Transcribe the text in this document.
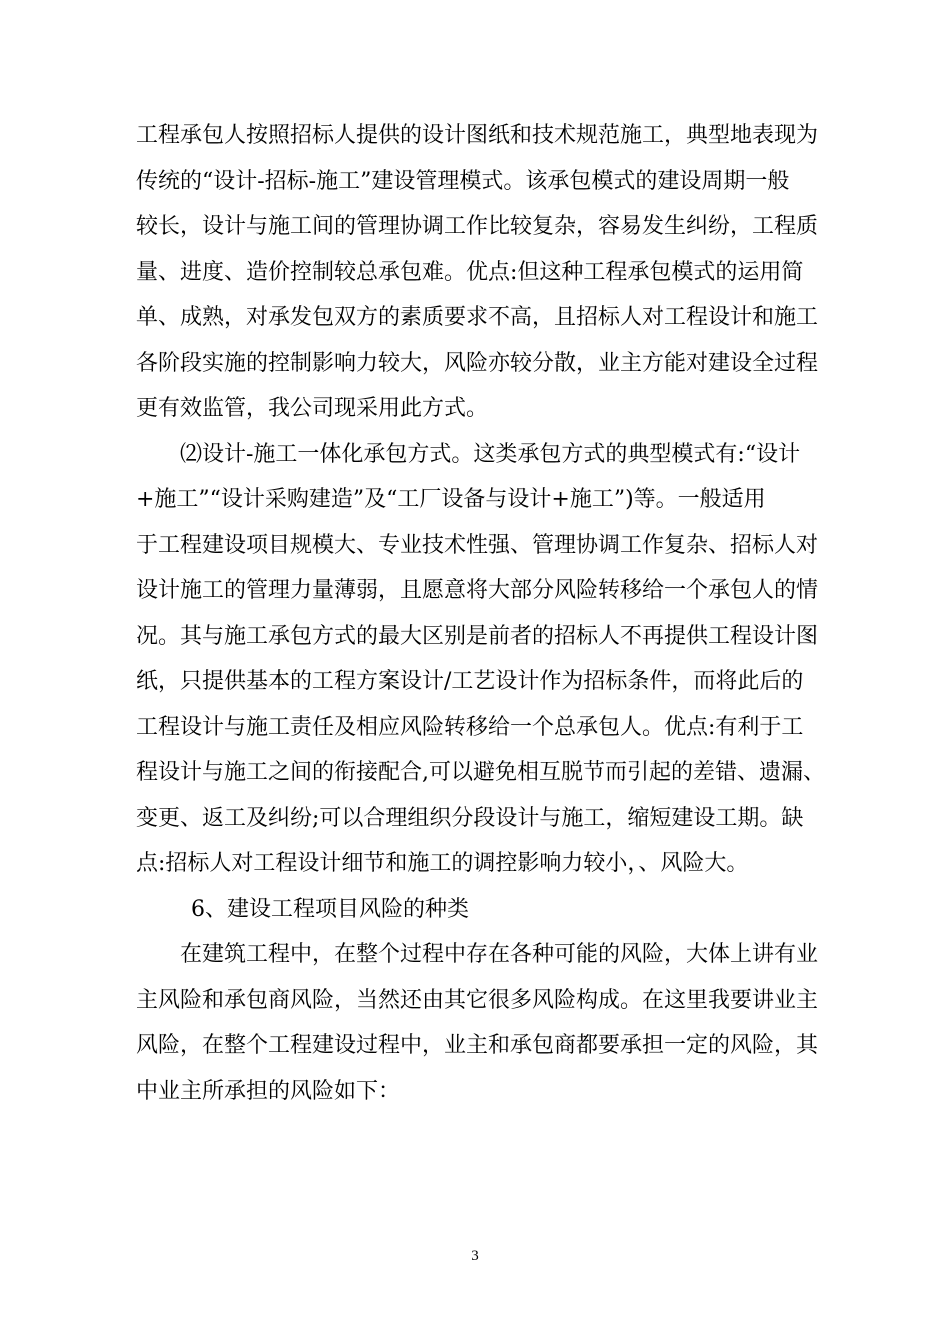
工程承包人按照招标人提供的设计图纸和技术规范施工，典型地表现为
传统的“设计-招标-施工”建设管理模式。该承包模式的建设周期一般
较长，设计与施工间的管理协调工作比较复杂，容易发生纠纷，工程质
量、进度、造价控制较总承包难。优点:但这种工程承包模式的运用简
单、成熟，对承发包双方的素质要求不高，且招标人对工程设计和施工
各阶段实施的控制影响力较大，风险亦较分散，业主方能对建设全过程
更有效监管，我公司现采用此方式。
⑵设计-施工一体化承包方式。这类承包方式的典型模式有:“设计
+施工”“设计采购建造”及“工厂设备与设计+施工”)等。一般适用
于工程建设项目规模大、专业技术性强、管理协调工作复杂、招标人对
设计施工的管理力量薄弱，且愿意将大部分风险转移给一个承包人的情
况。其与施工承包方式的最大区别是前者的招标人不再提供工程设计图
纸，只提供基本的工程方案设计/工艺设计作为招标条件，而将此后的
工程设计与施工责任及相应风险转移给一个总承包人。优点:有利于工
程设计与施工之间的衔接配合,可以避免相互脱节而引起的差错、遗漏、
变更、返工及纠纷;可以合理组织分段设计与施工，缩短建设工期。缺
点:招标人对工程设计细节和施工的调控影响力较小，、风险大。
6、建设工程项目风险的种类
在建筑工程中，在整个过程中存在各种可能的风险，大体上讲有业
主风险和承包商风险，当然还由其它很多风险构成。在这里我要讲业主
风险，在整个工程建设过程中，业主和承包商都要承担一定的风险，其
中业主所承担的风险如下：
3
